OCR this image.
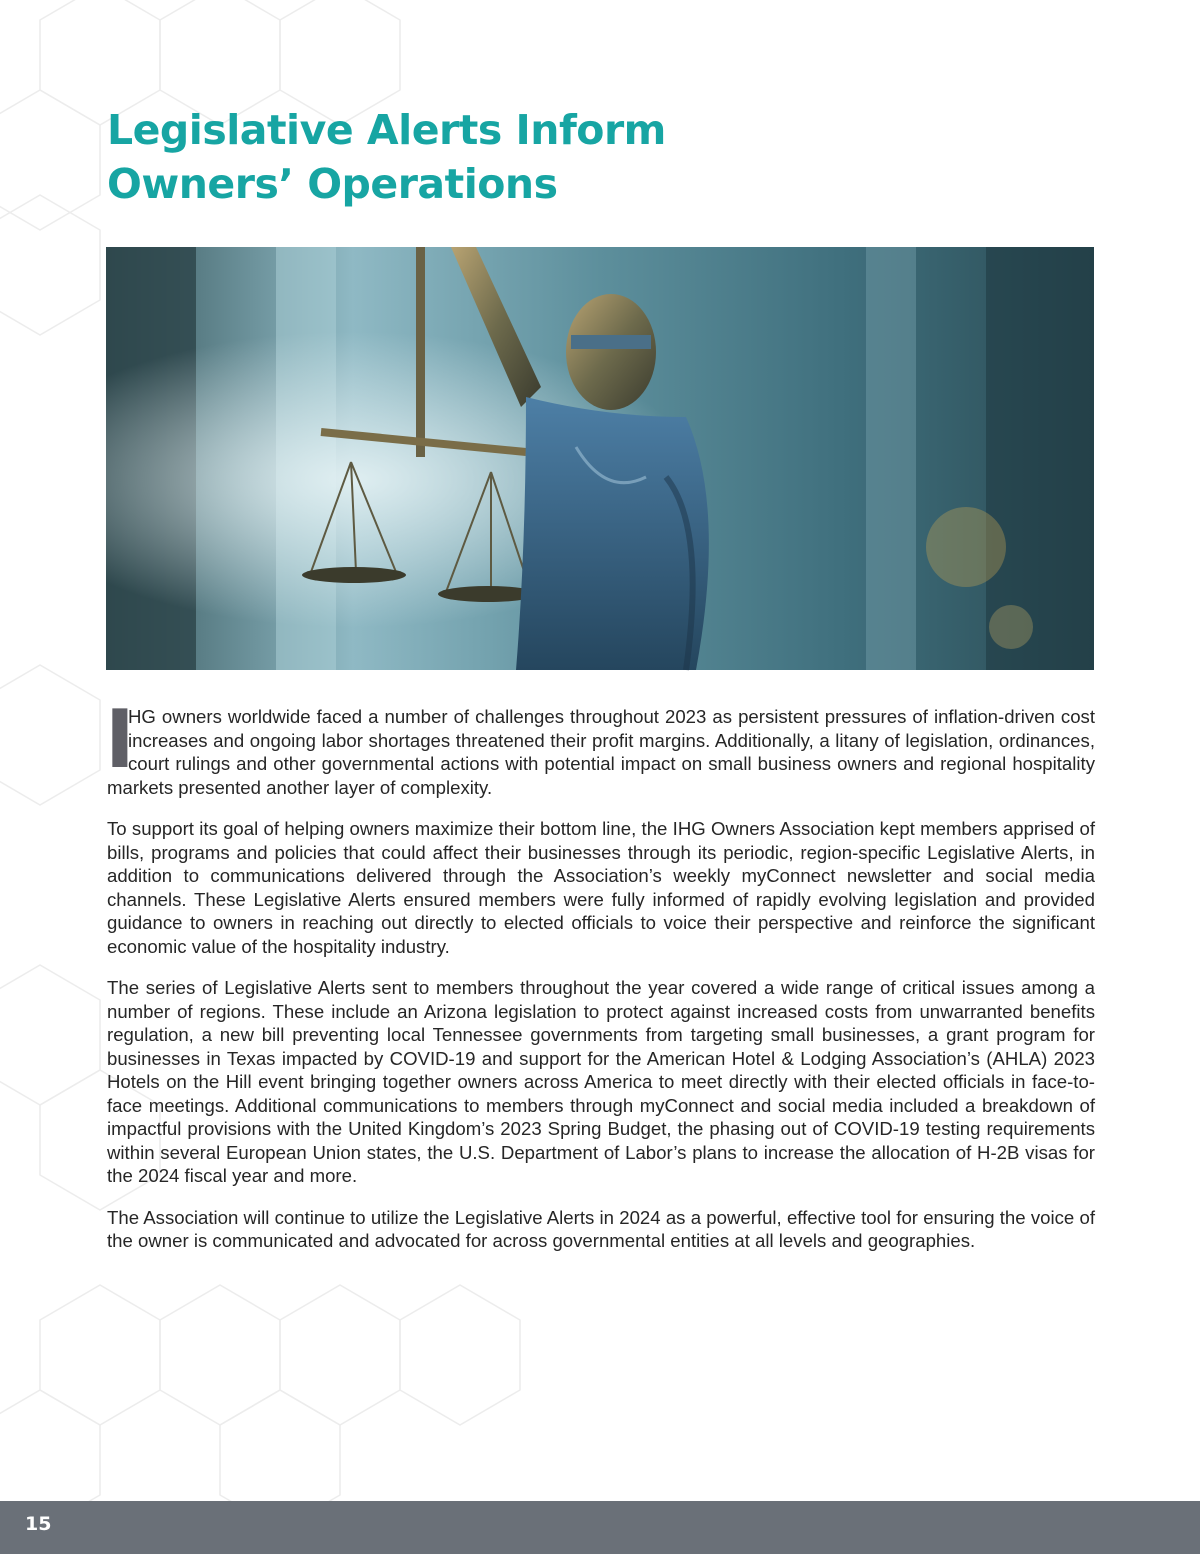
Legislative Alerts Inform
Owners’ Operations

I
HG owners worldwide faced a number of challenges throughout 2023 as persistent pressures of inflation-driven cost increases and ongoing labor shortages threatened their profit margins. Additionally, a litany of legislation, ordinances, court rulings and other governmental actions with potential impact on small business owners and regional hospitality markets presented another layer of complexity.

To support its goal of helping owners maximize their bottom line, the IHG Owners Association kept members apprised of bills, programs and policies that could affect their businesses through its periodic, region-specific Legislative Alerts, in addition to communications delivered through the Association’s weekly myConnect newsletter and social media channels. These Legislative Alerts ensured members were fully informed of rapidly evolving legislation and provided guidance to owners in reaching out directly to elected officials to voice their perspective and reinforce the significant economic value of the hospitality industry.

The series of Legislative Alerts sent to members throughout the year covered a wide range of critical issues among a number of regions. These include an Arizona legislation to protect against increased costs from unwarranted benefits regulation, a new bill preventing local Tennessee governments from targeting small businesses, a grant program for businesses in Texas impacted by COVID-19 and support for the American Hotel & Lodging Association’s (AHLA) 2023 Hotels on the Hill event bringing together owners across America to meet directly with their elected officials in face-to-face meetings. Additional communications to members through myConnect and social media included a breakdown of impactful provisions with the United Kingdom’s 2023 Spring Budget, the phasing out of COVID-19 testing requirements within several European Union states, the U.S. Department of Labor’s plans to increase the allocation of H-2B visas for the 2024 fiscal year and more.

The Association will continue to utilize the Legislative Alerts in 2024 as a powerful, effective tool for ensuring the voice of the owner is communicated and advocated for across governmental entities at all levels and geographies.

15
